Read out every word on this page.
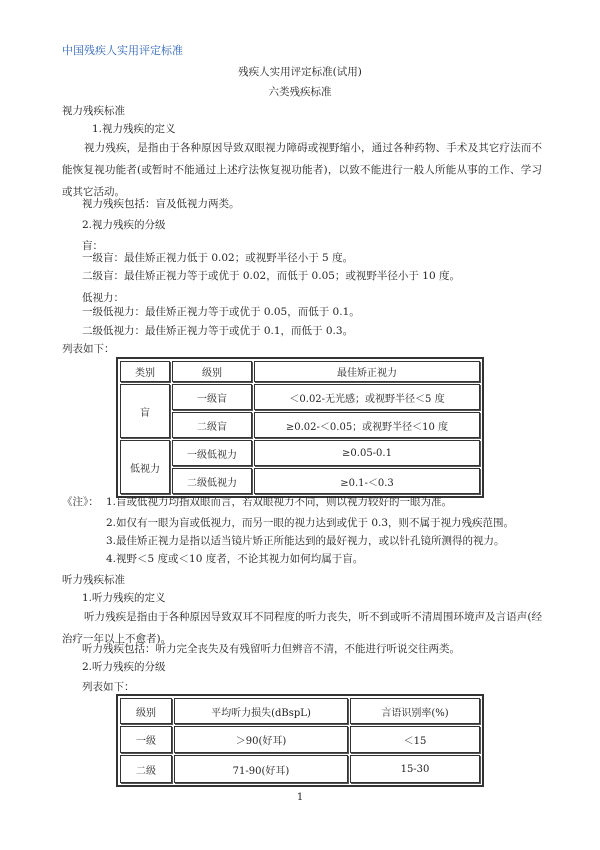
中国残疾人实用评定标准
残疾人实用评定标准(试用)
六类残疾标准
视力残疾标准
1.视力残疾的定义
视力残疾，是指由于各种原因导致双眼视力障碍或视野缩小，通过各种药物、手术及其它疗法而不能恢复视功能者(或暂时不能通过上述疗法恢复视功能者)，以致不能进行一般人所能从事的工作、学习或其它活动。
视力残疾包括：盲及低视力两类。
2.视力残疾的分级
盲：
一级盲：最佳矫正视力低于 0.02；或视野半径小于 5 度。
二级盲：最佳矫正视力等于或优于 0.02，而低于 0.05；或视野半径小于 10 度。
低视力：
一级低视力：最佳矫正视力等于或优于 0.05，而低于 0.1。
二级低视力：最佳矫正视力等于或优于 0.1，而低于 0.3。
列表如下：
类别	级别	最佳矫正视力
盲	一级盲	＜0.02-无光感；或视野半径＜5 度
	二级盲	≥0.02-＜0.05；或视野半径＜10 度
低视力	一级低视力	≥0.05-0.1
	二级低视力	≥0.1-＜0.3
《注》： 1.盲或低视力均指双眼而言，若双眼视力不同，则以视力较好的一眼为准。
2.如仅有一眼为盲或低视力，而另一眼的视力达到或优于 0.3，则不属于视力残疾范围。
3.最佳矫正视力是指以适当镜片矫正所能达到的最好视力，或以针孔镜所测得的视力。
4.视野＜5 度或＜10 度者，不论其视力如何均属于盲。
听力残疾标准
1.听力残疾的定义
听力残疾是指由于各种原因导致双耳不同程度的听力丧失，听不到或听不清周围环境声及言语声(经治疗一年以上不愈者)。
听力残疾包括：听力完全丧失及有残留听力但辨音不清，不能进行听说交往两类。
2.听力残疾的分级
列表如下：
级别	平均听力损失(dBspL)	言语识别率(%)
一级	＞90(好耳)	＜15
二级	71-90(好耳)	15-30
1
